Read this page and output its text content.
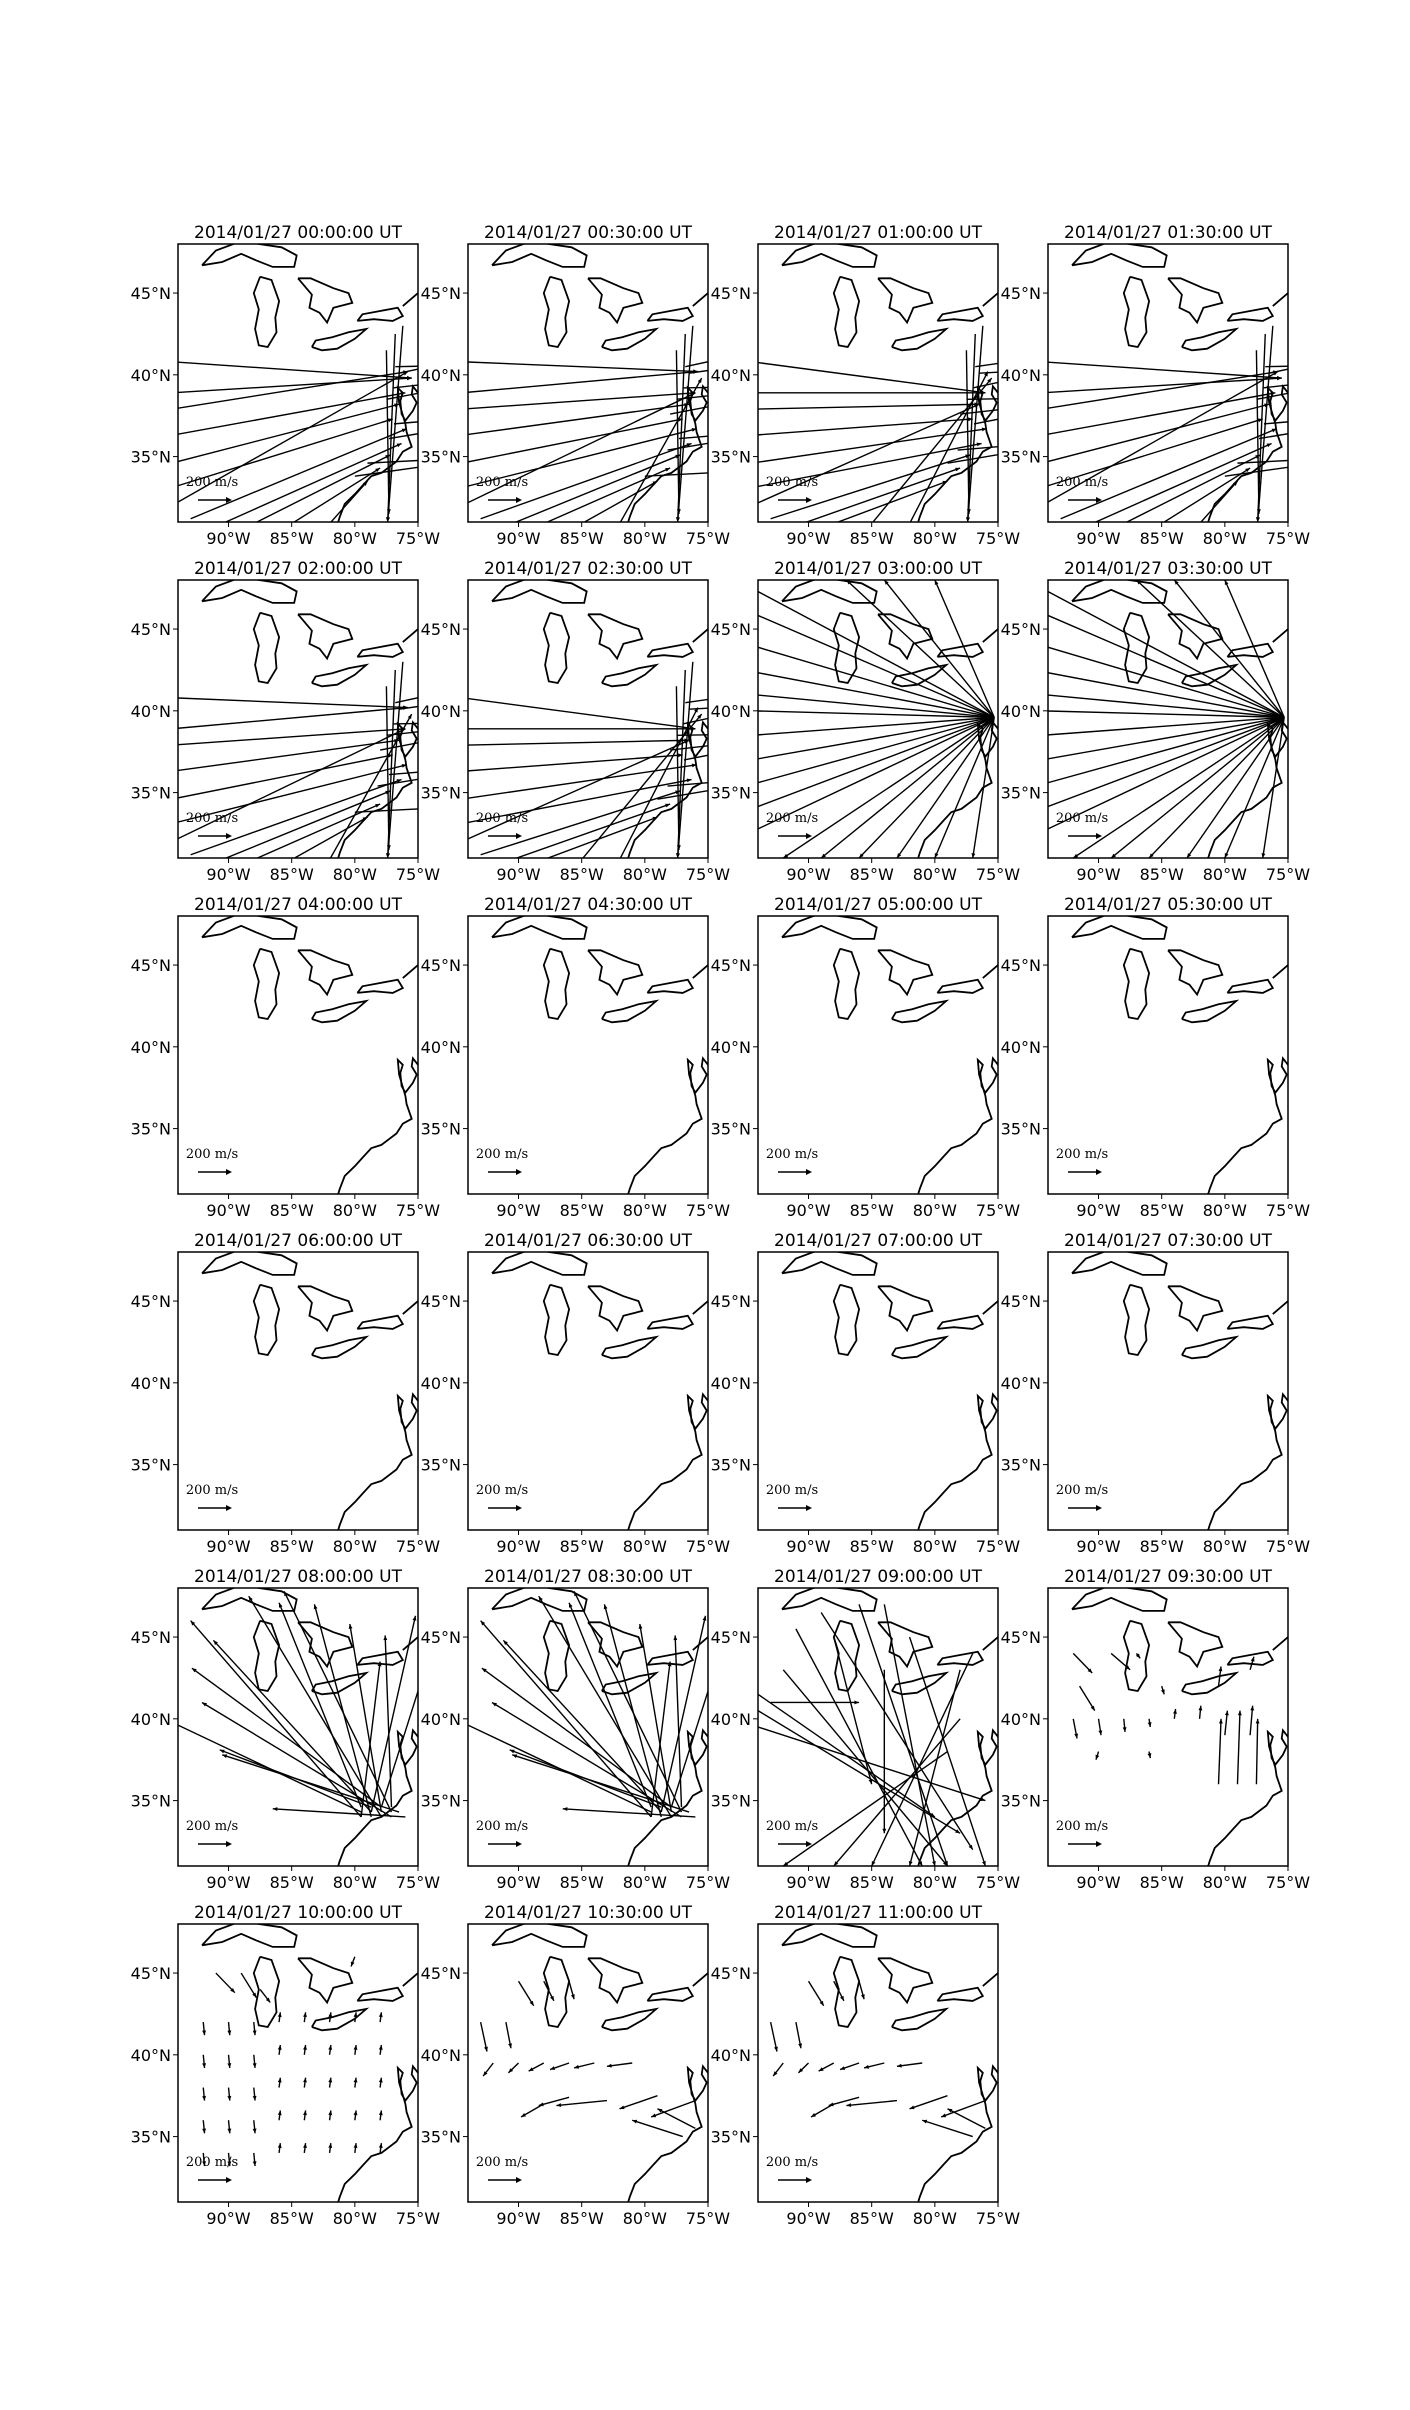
2014/01/27 00:00:00 UT
200 m/s
90°W 85°W 80°W 75°W
35°N
40°N
45°N
2014/01/27 00:30:00 UT
200 m/s
90°W 85°W 80°W 75°W
35°N
40°N
45°N
2014/01/27 01:00:00 UT
200 m/s
90°W 85°W 80°W 75°W
35°N
40°N
45°N
2014/01/27 01:30:00 UT
200 m/s
90°W 85°W 80°W 75°W
35°N
40°N
45°N
2014/01/27 02:00:00 UT
200 m/s
90°W 85°W 80°W 75°W
35°N
40°N
45°N
2014/01/27 02:30:00 UT
200 m/s
90°W 85°W 80°W 75°W
35°N
40°N
45°N
2014/01/27 03:00:00 UT
200 m/s
90°W 85°W 80°W 75°W
35°N
40°N
45°N
2014/01/27 03:30:00 UT
200 m/s
90°W 85°W 80°W 75°W
35°N
40°N
45°N
2014/01/27 04:00:00 UT
200 m/s
90°W 85°W 80°W 75°W
35°N
40°N
45°N
2014/01/27 04:30:00 UT
200 m/s
90°W 85°W 80°W 75°W
35°N
40°N
45°N
2014/01/27 05:00:00 UT
200 m/s
90°W 85°W 80°W 75°W
35°N
40°N
45°N
2014/01/27 05:30:00 UT
200 m/s
90°W 85°W 80°W 75°W
35°N
40°N
45°N
2014/01/27 06:00:00 UT
200 m/s
90°W 85°W 80°W 75°W
35°N
40°N
45°N
2014/01/27 06:30:00 UT
200 m/s
90°W 85°W 80°W 75°W
35°N
40°N
45°N
2014/01/27 07:00:00 UT
200 m/s
90°W 85°W 80°W 75°W
35°N
40°N
45°N
2014/01/27 07:30:00 UT
200 m/s
90°W 85°W 80°W 75°W
35°N
40°N
45°N
2014/01/27 08:00:00 UT
200 m/s
90°W 85°W 80°W 75°W
35°N
40°N
45°N
2014/01/27 08:30:00 UT
200 m/s
90°W 85°W 80°W 75°W
35°N
40°N
45°N
2014/01/27 09:00:00 UT
200 m/s
90°W 85°W 80°W 75°W
35°N
40°N
45°N
2014/01/27 09:30:00 UT
200 m/s
90°W 85°W 80°W 75°W
35°N
40°N
45°N
2014/01/27 10:00:00 UT
200 m/s
90°W 85°W 80°W 75°W
35°N
40°N
45°N
2014/01/27 10:30:00 UT
200 m/s
90°W 85°W 80°W 75°W
35°N
40°N
45°N
2014/01/27 11:00:00 UT
200 m/s
90°W 85°W 80°W 75°W
35°N
40°N
45°N
